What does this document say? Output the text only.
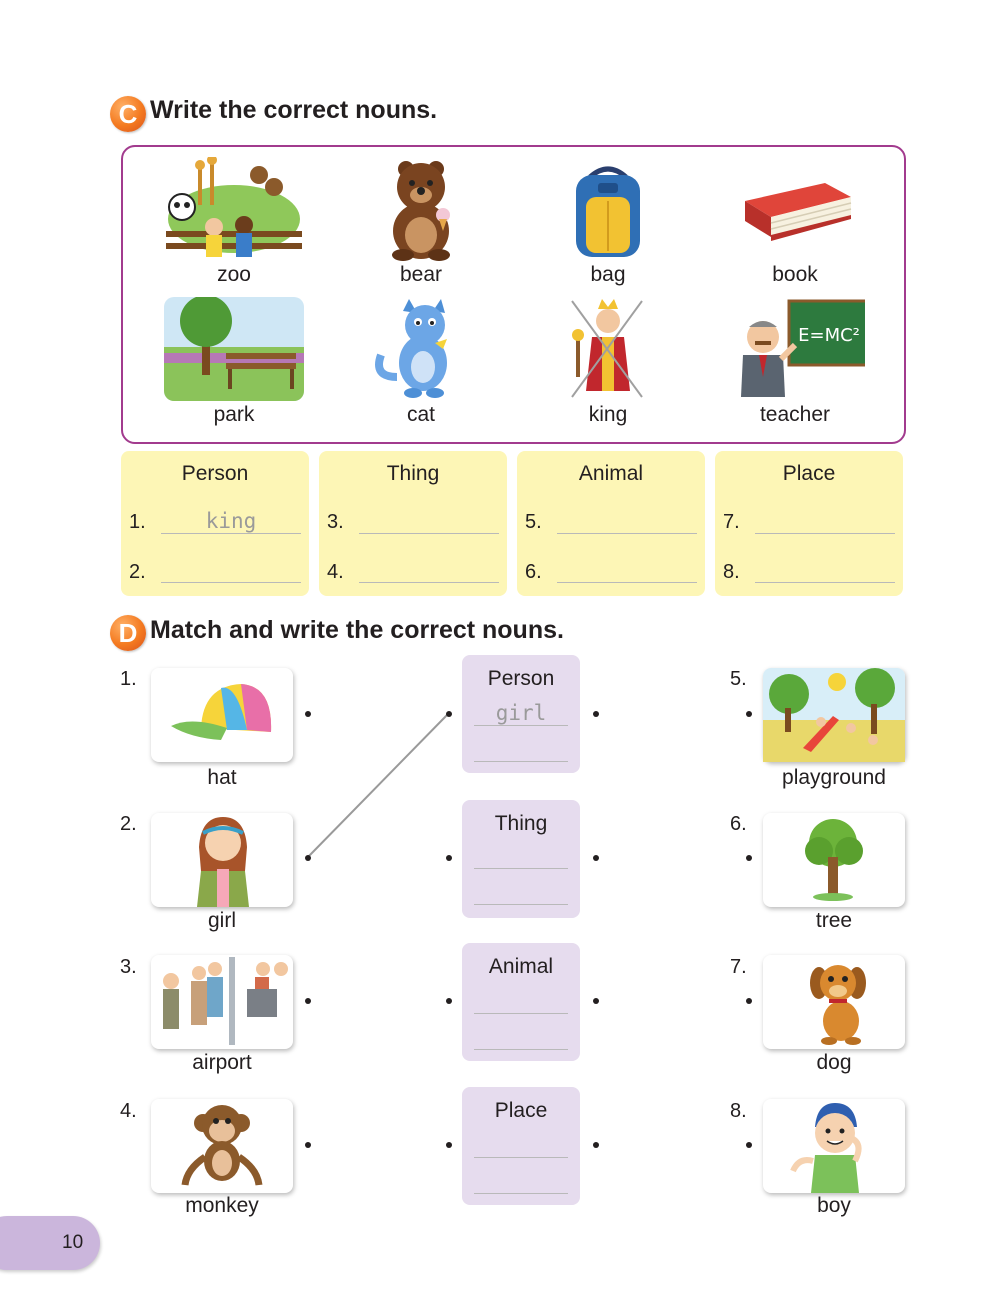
C Write the correct nouns.
zoo	bear	bag	book
park	cat	king
E=MC²
teacher
Person
1.	king
2.
Thing
3.
4.
Animal
5.
6.
Place
7.
8.
D Match and write the correct nouns.
1.
hat
2.
girl
3.
airport
4.
monkey
Person
girl
Thing
Animal
Place
5.
playground
6.
tree
7.
dog
8.
boy
10
